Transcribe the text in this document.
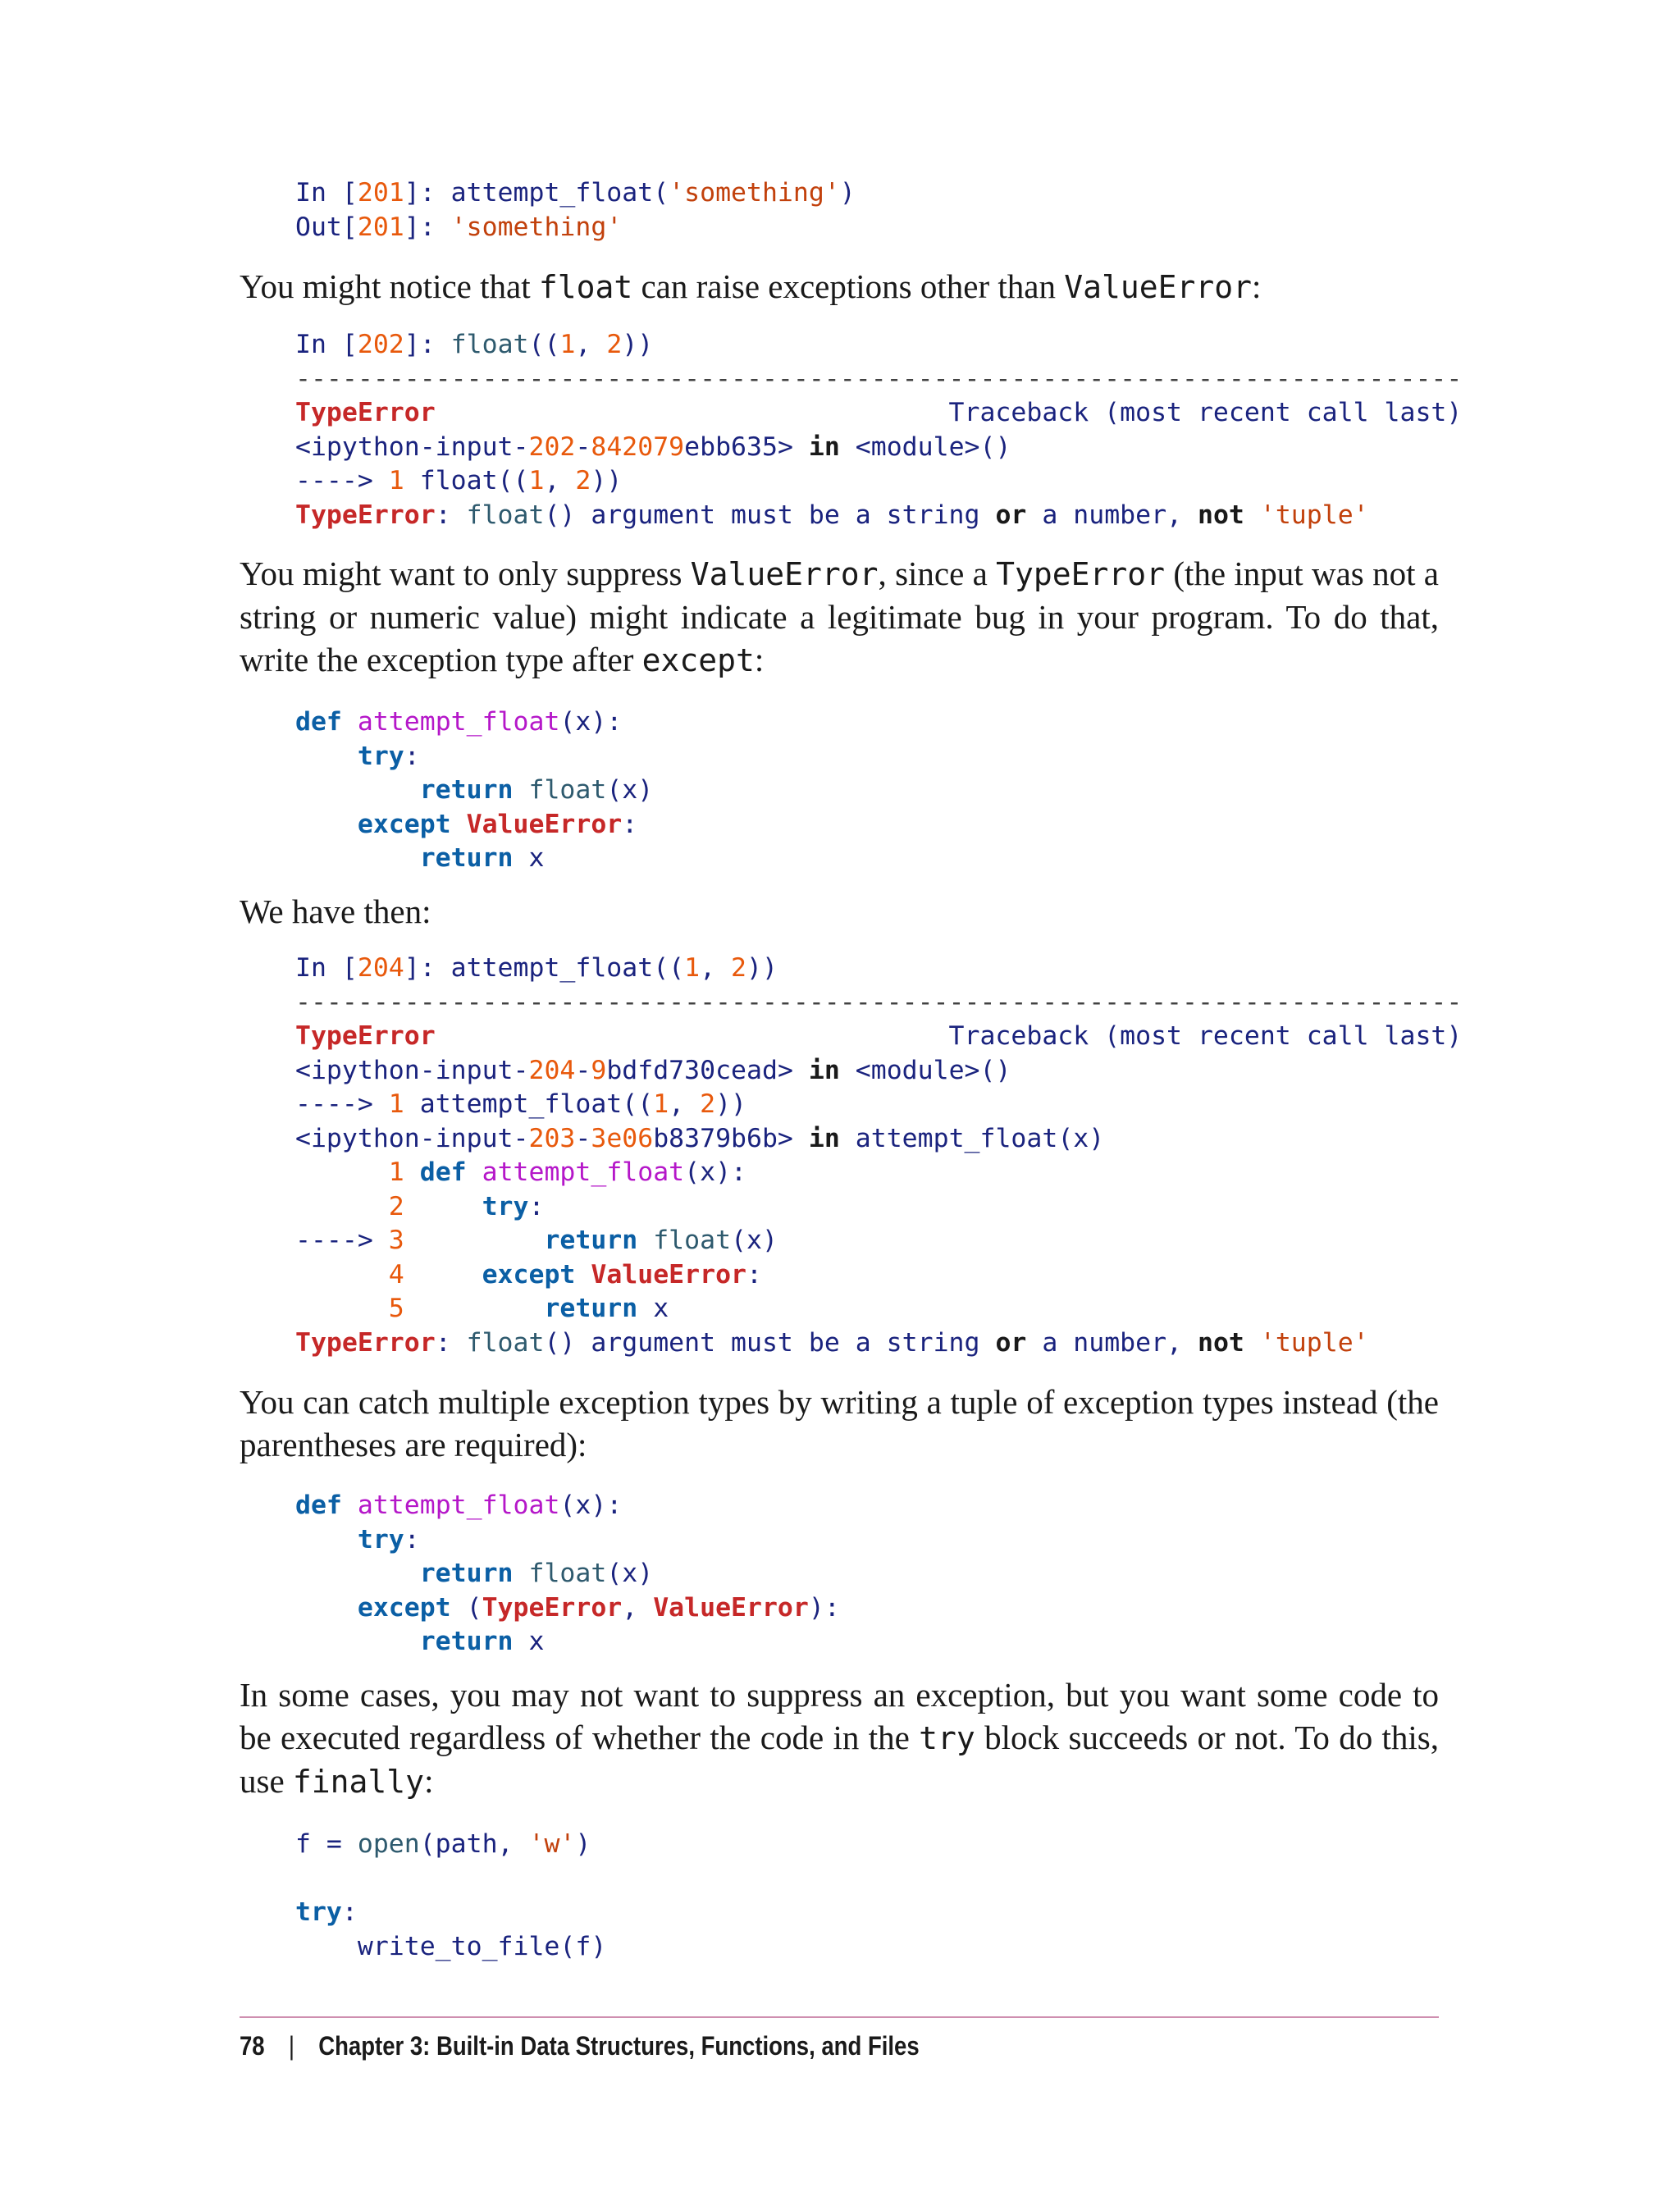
In [201]: attempt_float('something')
Out[201]: 'something'
You might notice that float can raise exceptions other than ValueError:
In [202]: float((1, 2))
---------------------------------------------------------------------------
TypeError	Traceback (most recent call last)
<ipython-input-202-842079ebb635> in <module>()
----> 1 float((1, 2))
TypeError: float() argument must be a string or a number, not 'tuple'
You might want to only suppress ValueError, since a TypeError (the input was not a string or numeric value) might indicate a legitimate bug in your program. To do that, write the exception type after except:
def attempt_float(x):
try:
return float(x)
except ValueError:
return x
We have then:
In [204]: attempt_float((1, 2))
---------------------------------------------------------------------------
TypeError	Traceback (most recent call last)
<ipython-input-204-9bdfd730cead> in <module>()
----> 1 attempt_float((1, 2))
<ipython-input-203-3e06b8379b6b> in attempt_float(x)
1 def attempt_float(x):
2	try:
----> 3	return float(x)
4	except ValueError:
5	return x
TypeError: float() argument must be a string or a number, not 'tuple'
You can catch multiple exception types by writing a tuple of exception types instead (the parentheses are required):
def attempt_float(x):
try:
return float(x)
except (TypeError, ValueError):
return x
In some cases, you may not want to suppress an exception, but you want some code to be executed regardless of whether the code in the try block succeeds or not. To do this, use finally:
f = open(path, 'w')

try:
write_to_file(f)
78 | Chapter 3: Built-in Data Structures, Functions, and Files
